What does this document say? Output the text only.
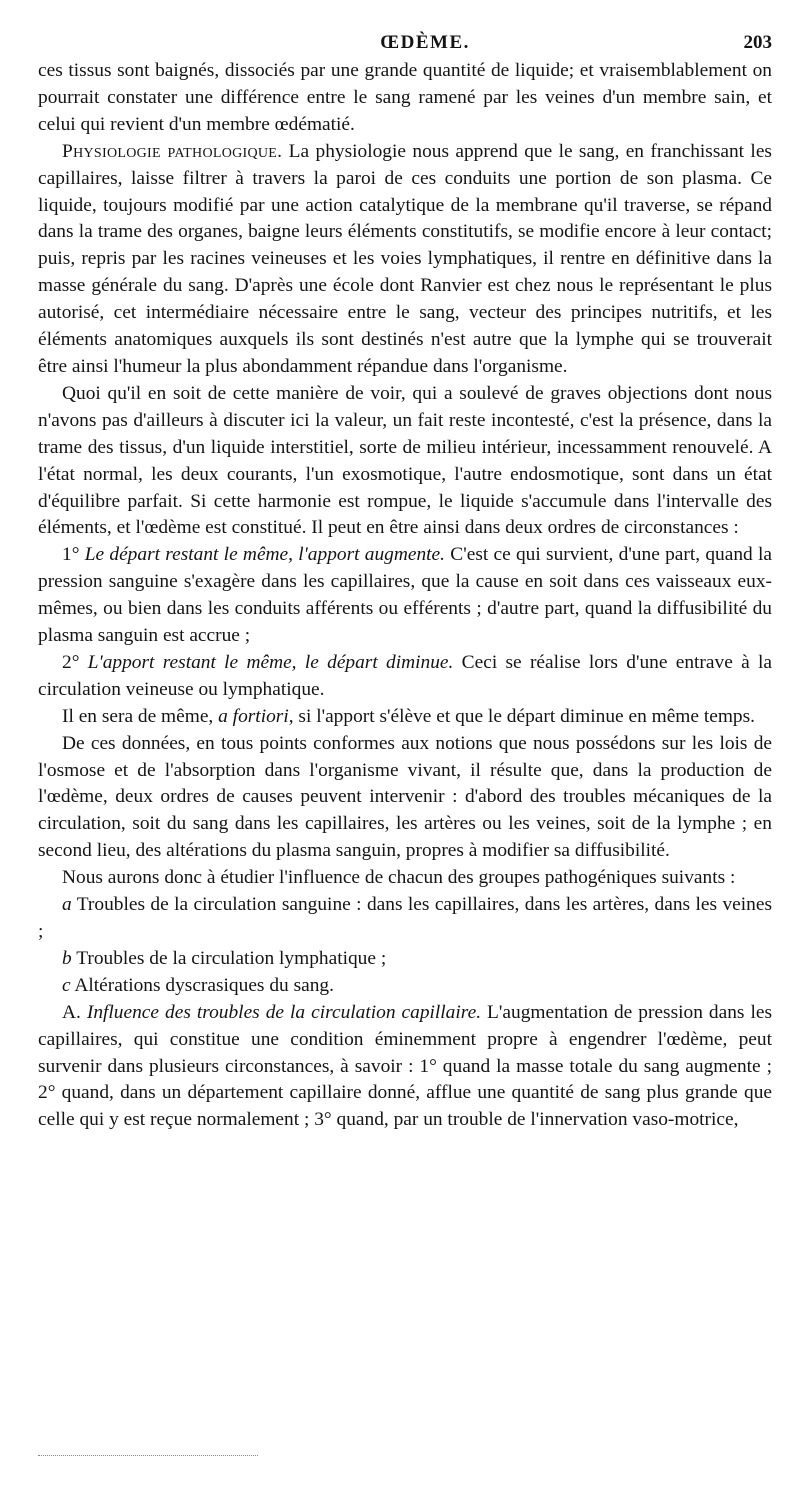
ŒDÈME.	203

ces tissus sont baignés, dissociés par une grande quantité de liquide; et vraisemblablement on pourrait constater une différence entre le sang ramené par les veines d'un membre sain, et celui qui revient d'un membre œdématié.

Physiologie pathologique. La physiologie nous apprend que le sang, en franchissant les capillaires, laisse filtrer à travers la paroi de ces conduits une portion de son plasma. Ce liquide, toujours modifié par une action catalytique de la membrane qu'il traverse, se répand dans la trame des organes, baigne leurs éléments constitutifs, se modifie encore à leur contact; puis, repris par les racines veineuses et les voies lymphatiques, il rentre en définitive dans la masse générale du sang. D'après une école dont Ranvier est chez nous le représentant le plus autorisé, cet intermédiaire nécessaire entre le sang, vecteur des principes nutritifs, et les éléments anatomiques auxquels ils sont destinés n'est autre que la lymphe qui se trouverait être ainsi l'humeur la plus abondamment répandue dans l'organisme.

Quoi qu'il en soit de cette manière de voir, qui a soulevé de graves objections dont nous n'avons pas d'ailleurs à discuter ici la valeur, un fait reste incontesté, c'est la présence, dans la trame des tissus, d'un liquide interstitiel, sorte de milieu intérieur, incessamment renouvelé. A l'état normal, les deux courants, l'un exosmotique, l'autre endosmotique, sont dans un état d'équilibre parfait. Si cette harmonie est rompue, le liquide s'accumule dans l'intervalle des éléments, et l'œdème est constitué. Il peut en être ainsi dans deux ordres de circonstances :

1° Le départ restant le même, l'apport augmente. C'est ce qui survient, d'une part, quand la pression sanguine s'exagère dans les capillaires, que la cause en soit dans ces vaisseaux eux-mêmes, ou bien dans les conduits afférents ou efférents ; d'autre part, quand la diffusibilité du plasma sanguin est accrue ;

2° L'apport restant le même, le départ diminue. Ceci se réalise lors d'une entrave à la circulation veineuse ou lymphatique.

Il en sera de même, a fortiori, si l'apport s'élève et que le départ diminue en même temps.

De ces données, en tous points conformes aux notions que nous possédons sur les lois de l'osmose et de l'absorption dans l'organisme vivant, il résulte que, dans la production de l'œdème, deux ordres de causes peuvent intervenir : d'abord des troubles mécaniques de la circulation, soit du sang dans les capillaires, les artères ou les veines, soit de la lymphe ; en second lieu, des altérations du plasma sanguin, propres à modifier sa diffusibilité.

Nous aurons donc à étudier l'influence de chacun des groupes pathogéniques suivants :

a Troubles de la circulation sanguine : dans les capillaires, dans les artères, dans les veines ;

b Troubles de la circulation lymphatique ;

c Altérations dyscrasiques du sang.

A. Influence des troubles de la circulation capillaire. L'augmentation de pression dans les capillaires, qui constitue une condition éminemment propre à engendrer l'œdème, peut survenir dans plusieurs circonstances, à savoir : 1° quand la masse totale du sang augmente ; 2° quand, dans un département capillaire donné, afflue une quantité de sang plus grande que celle qui y est reçue normalement ; 3° quand, par un trouble de l'innervation vaso-motrice,
